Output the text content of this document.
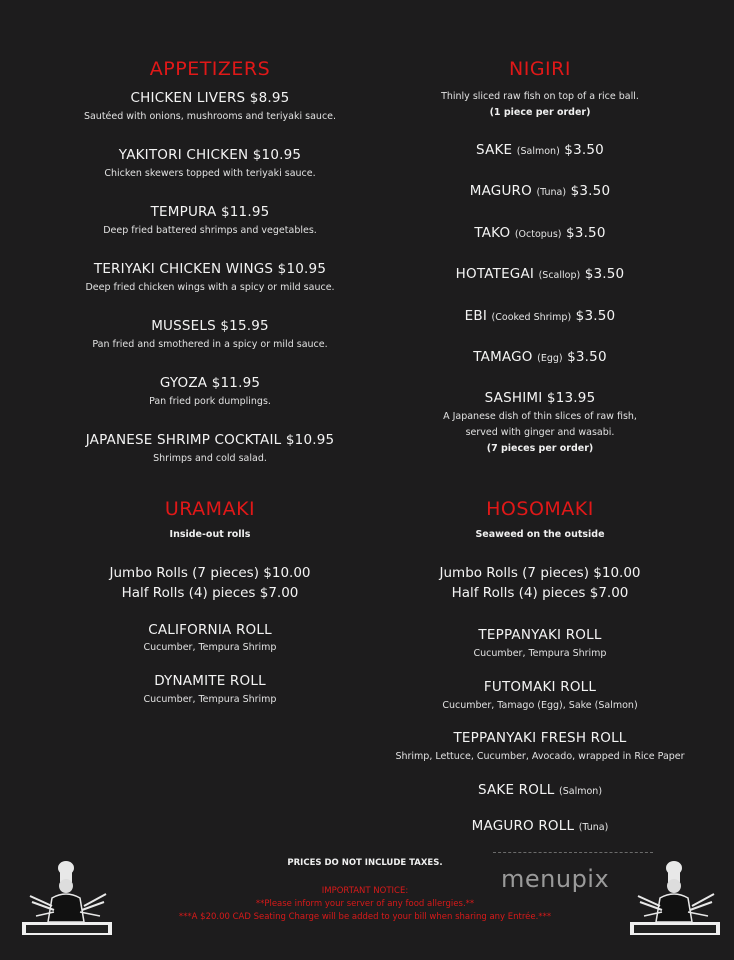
APPETIZERS
CHICKEN LIVERS $8.95
Sautéed with onions, mushrooms and teriyaki sauce.
YAKITORI CHICKEN $10.95
Chicken skewers topped with teriyaki sauce.
TEMPURA $11.95
Deep fried battered shrimps and vegetables.
TERIYAKI CHICKEN WINGS $10.95
Deep fried chicken wings with a spicy or mild sauce.
MUSSELS $15.95
Pan fried and smothered in a spicy or mild sauce.
GYOZA $11.95
Pan fried pork dumplings.
JAPANESE SHRIMP COCKTAIL $10.95
Shrimps and cold salad.
URAMAKI
Inside-out rolls
Jumbo Rolls (7 pieces) $10.00
Half Rolls (4) pieces $7.00
CALIFORNIA ROLL
Cucumber, Tempura Shrimp
DYNAMITE ROLL
Cucumber, Tempura Shrimp
NIGIRI
Thinly sliced raw fish on top of a rice ball.
(1 piece per order)
SAKE (Salmon) $3.50
MAGURO (Tuna) $3.50
TAKO (Octopus) $3.50
HOTATEGAI (Scallop) $3.50
EBI (Cooked Shrimp) $3.50
TAMAGO (Egg) $3.50
SASHIMI $13.95
A Japanese dish of thin slices of raw fish,
served with ginger and wasabi.
(7 pieces per order)
HOSOMAKI
Seaweed on the outside
Jumbo Rolls (7 pieces) $10.00
Half Rolls (4) pieces $7.00
TEPPANYAKI ROLL
Cucumber, Tempura Shrimp
FUTOMAKI ROLL
Cucumber, Tamago (Egg), Sake (Salmon)
TEPPANYAKI FRESH ROLL
Shrimp, Lettuce, Cucumber, Avocado, wrapped in Rice Paper
SAKE ROLL (Salmon)
MAGURO ROLL (Tuna)
PRICES DO NOT INCLUDE TAXES.
IMPORTANT NOTICE:
**Please inform your server of any food allergies.**
***A $20.00 CAD Seating Charge will be added to your bill when sharing any Entrée.***
menupix
